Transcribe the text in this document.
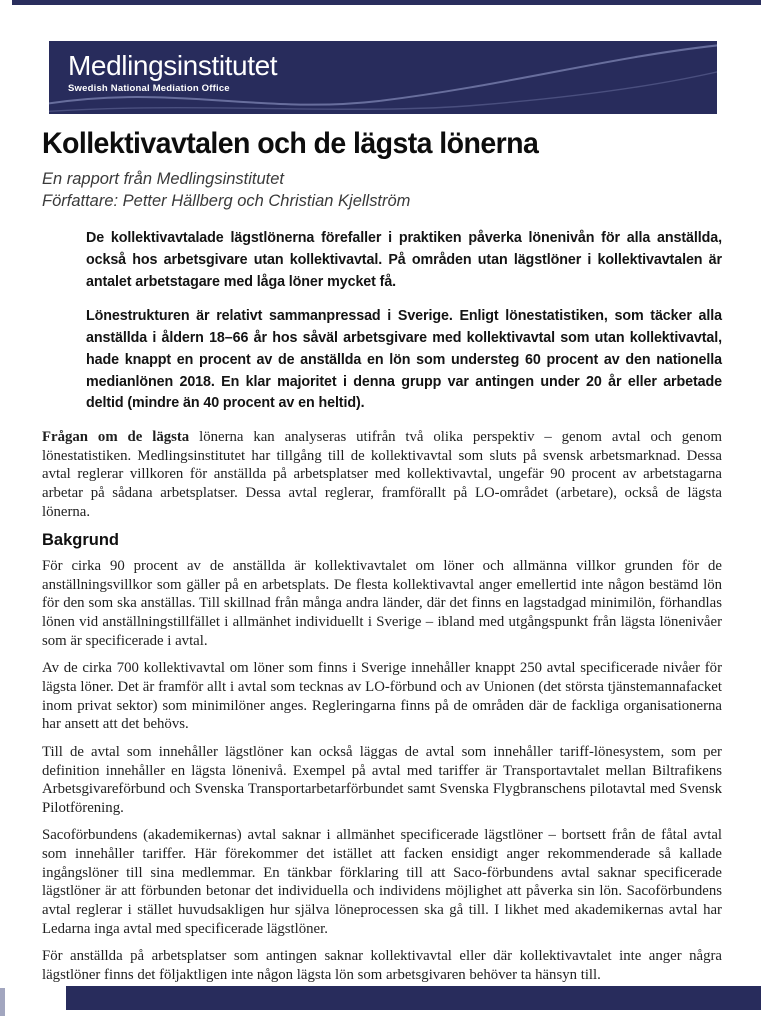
Medlingsinstitutet
Swedish National Mediation Office
Kollektivavtalen och de lägsta lönerna
En rapport från Medlingsinstitutet
Författare: Petter Hällberg och Christian Kjellström

De kollektivavtalade lägstlönerna förefaller i praktiken påverka lönenivån för alla anställda, också hos arbetsgivare utan kollektivavtal. På områden utan lägstlöner i kollektivavtalen är antalet arbetstagare med låga löner mycket få.

Lönestrukturen är relativt sammanpressad i Sverige. Enligt lönestatistiken, som täcker alla anställda i åldern 18–66 år hos såväl arbetsgivare med kollektivavtal som utan kollektivavtal, hade knappt en procent av de anställda en lön som understeg 60 procent av den nationella medianlönen 2018. En klar majoritet i denna grupp var antingen under 20 år eller arbetade deltid (mindre än 40 procent av en heltid).

Frågan om de lägsta lönerna kan analyseras utifrån två olika perspektiv – genom avtal och genom lönestatistiken. Medlingsinstitutet har tillgång till de kollektivavtal som sluts på svensk arbetsmarknad. Dessa avtal reglerar villkoren för anställda på arbetsplatser med kollektivavtal, ungefär 90 procent av arbetstagarna arbetar på sådana arbetsplatser. Dessa avtal reglerar, framförallt på LO-området (arbetare), också de lägsta lönerna.

Bakgrund

För cirka 90 procent av de anställda är kollektivavtalet om löner och allmänna villkor grunden för de anställningsvillkor som gäller på en arbetsplats. De flesta kollektivavtal anger emellertid inte någon bestämd lön för den som ska anställas. Till skillnad från många andra länder, där det finns en lagstadgad minimilön, förhandlas lönen vid anställningstillfället i allmänhet individuellt i Sverige – ibland med utgångspunkt från lägsta lönenivåer som är specificerade i avtal.

Av de cirka 700 kollektivavtal om löner som finns i Sverige innehåller knappt 250 avtal specificerade nivåer för lägsta löner. Det är framför allt i avtal som tecknas av LO-förbund och av Unionen (det största tjänstemannafacket inom privat sektor) som minimilöner anges. Regleringarna finns på de områden där de fackliga organisationerna har ansett att det behövs.

Till de avtal som innehåller lägstlöner kan också läggas de avtal som innehåller tariff-lönesystem, som per definition innehåller en lägsta lönenivå. Exempel på avtal med tariffer är Transportavtalet mellan Biltrafikens Arbetsgivareförbund och Svenska Transportarbetarförbundet samt Svenska Flygbranschens pilotavtal med Svensk Pilotförening.

Sacoförbundens (akademikernas) avtal saknar i allmänhet specificerade lägstlöner – bortsett från de fåtal avtal som innehåller tariffer. Här förekommer det istället att facken ensidigt anger rekommenderade så kallade ingångslöner till sina medlemmar. En tänkbar förklaring till att Saco-förbundens avtal saknar specificerade lägstlöner är att förbunden betonar det individuella och individens möjlighet att påverka sin lön. Sacoförbundens avtal reglerar i stället huvudsakligen hur själva löneprocessen ska gå till. I likhet med akademikernas avtal har Ledarna inga avtal med specificerade lägstlöner.

För anställda på arbetsplatser som antingen saknar kollektivavtal eller där kollektivavtalet inte anger några lägstlöner finns det följaktligen inte någon lägsta lön som arbetsgivaren behöver ta hänsyn till.
